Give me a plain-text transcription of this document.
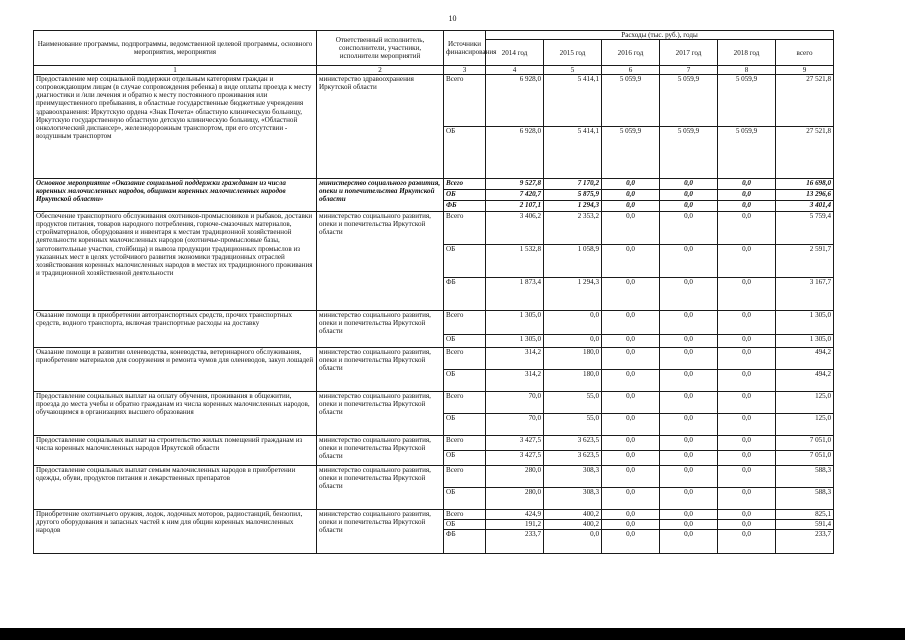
10
Наименование программы, подпрограммы, ведомственной целевой программы, основного мероприятия, мероприятия	Ответственный исполнитель, соисполнители, участники, исполнители мероприятий	Источники финансирования	Расходы (тыс. руб.), годы					
			2014 год	2015 год	2016 год	2017 год	2018 год	всего
1	2	3	4	5	6	7	8	9
Предоставление мер социальной поддержки отдельным категориям граждан и сопровождающим лицам (в случае сопровождения ребенка) в виде оплаты проезда к месту диагностики и /или лечения и обратно к месту постоянного проживания или преимущественного пребывания, в областные государственные бюджетные учреждения здравоохранения: Иркутскую ордена «Знак Почета» областную клиническую больницу, Иркутскую государственную областную детскую клиническую больницу, «Областной онкологический диспансер», железнодорожным транспортом, при его отсутствии - воздушным транспортом	министерство здравоохранения Иркутской области	Всего	6 928,0	5 414,1	5 059,9	5 059,9	5 059,9	27 521,8
		ОБ	6 928,0	5 414,1	5 059,9	5 059,9	5 059,9	27 521,8
Основное мероприятие «Оказание социальной поддержки гражданам из числа коренных малочисленных народов, общинам коренных малочисленных народов Иркутской области»	министерство социального развития, опеки и попечительства Иркутской области	Всего	9 527,8	7 170,2	0,0	0,0	0,0	16 698,0
		ОБ	7 420,7	5 875,9	0,0	0,0	0,0	13 296,6
		ФБ	2 107,1	1 294,3	0,0	0,0	0,0	3 401,4
Обеспечение транспортного обслуживания охотников-промысловиков и рыбаков, доставки продуктов питания, товаров народного потребления, горюче-смазочных материалов, стройматериалов, оборудования и инвентаря к местам традиционной хозяйственной деятельности коренных малочисленных народов (охотничье-промысловые базы, заготовительные участки, стойбища) и вывоза продукции традиционных промыслов из указанных мест в целях устойчивого развития экономики традиционных отраслей хозяйствования коренных малочисленных народов в местах их традиционного проживания и традиционной хозяйственной деятельности	министерство социального развития, опеки и попечительства Иркутской области	Всего	3 406,2	2 353,2	0,0	0,0	0,0	5 759,4
		ОБ	1 532,8	1 058,9	0,0	0,0	0,0	2 591,7
		ФБ	1 873,4	1 294,3	0,0	0,0	0,0	3 167,7
Оказание помощи в приобретении автотранспортных средств, прочих транспортных средств, водного транспорта, включая транспортные расходы на доставку	министерство социального развития, опеки и попечительства Иркутской области	Всего	1 305,0	0,0	0,0	0,0	0,0	1 305,0
		ОБ	1 305,0	0,0	0,0	0,0	0,0	1 305,0
Оказание помощи в развитии оленеводства, коневодства, ветеринарного обслуживания, приобретение материалов для сооружения и ремонта чумов для оленеводов, закуп лошадей	министерство социального развития, опеки и попечительства Иркутской области	Всего	314,2	180,0	0,0	0,0	0,0	494,2
		ОБ	314,2	180,0	0,0	0,0	0,0	494,2
Предоставление социальных выплат на оплату обучения, проживания в общежитии, проезда до места учебы и обратно гражданам из числа коренных малочисленных народов, обучающимся в организациях высшего образования	министерство социального развития, опеки и попечительства Иркутской области	Всего	70,0	55,0	0,0	0,0	0,0	125,0
		ОБ	70,0	55,0	0,0	0,0	0,0	125,0
Предоставление социальных выплат на строительство жилых помещений гражданам из числа коренных малочисленных народов Иркутской области	министерство социального развития, опеки и попечительства Иркутской области	Всего	3 427,5	3 623,5	0,0	0,0	0,0	7 051,0
		ОБ	3 427,5	3 623,5	0,0	0,0	0,0	7 051,0
Предоставление социальных выплат семьям малочисленных народов в приобретении одежды, обуви, продуктов питания и лекарственных препаратов	министерство социального развития, опеки и попечительства Иркутской области	Всего	280,0	308,3	0,0	0,0	0,0	588,3
		ОБ	280,0	308,3	0,0	0,0	0,0	588,3
Приобретение охотничьего оружия, лодок, лодочных моторов, радиостанций, бензопил, другого оборудования и запасных частей к ним для общин коренных малочисленных народов	министерство социального развития, опеки и попечительства Иркутской области	Всего	424,9	400,2	0,0	0,0	0,0	825,1
		ОБ	191,2	400,2	0,0	0,0	0,0	591,4
		ФБ	233,7	0,0	0,0	0,0	0,0	233,7
